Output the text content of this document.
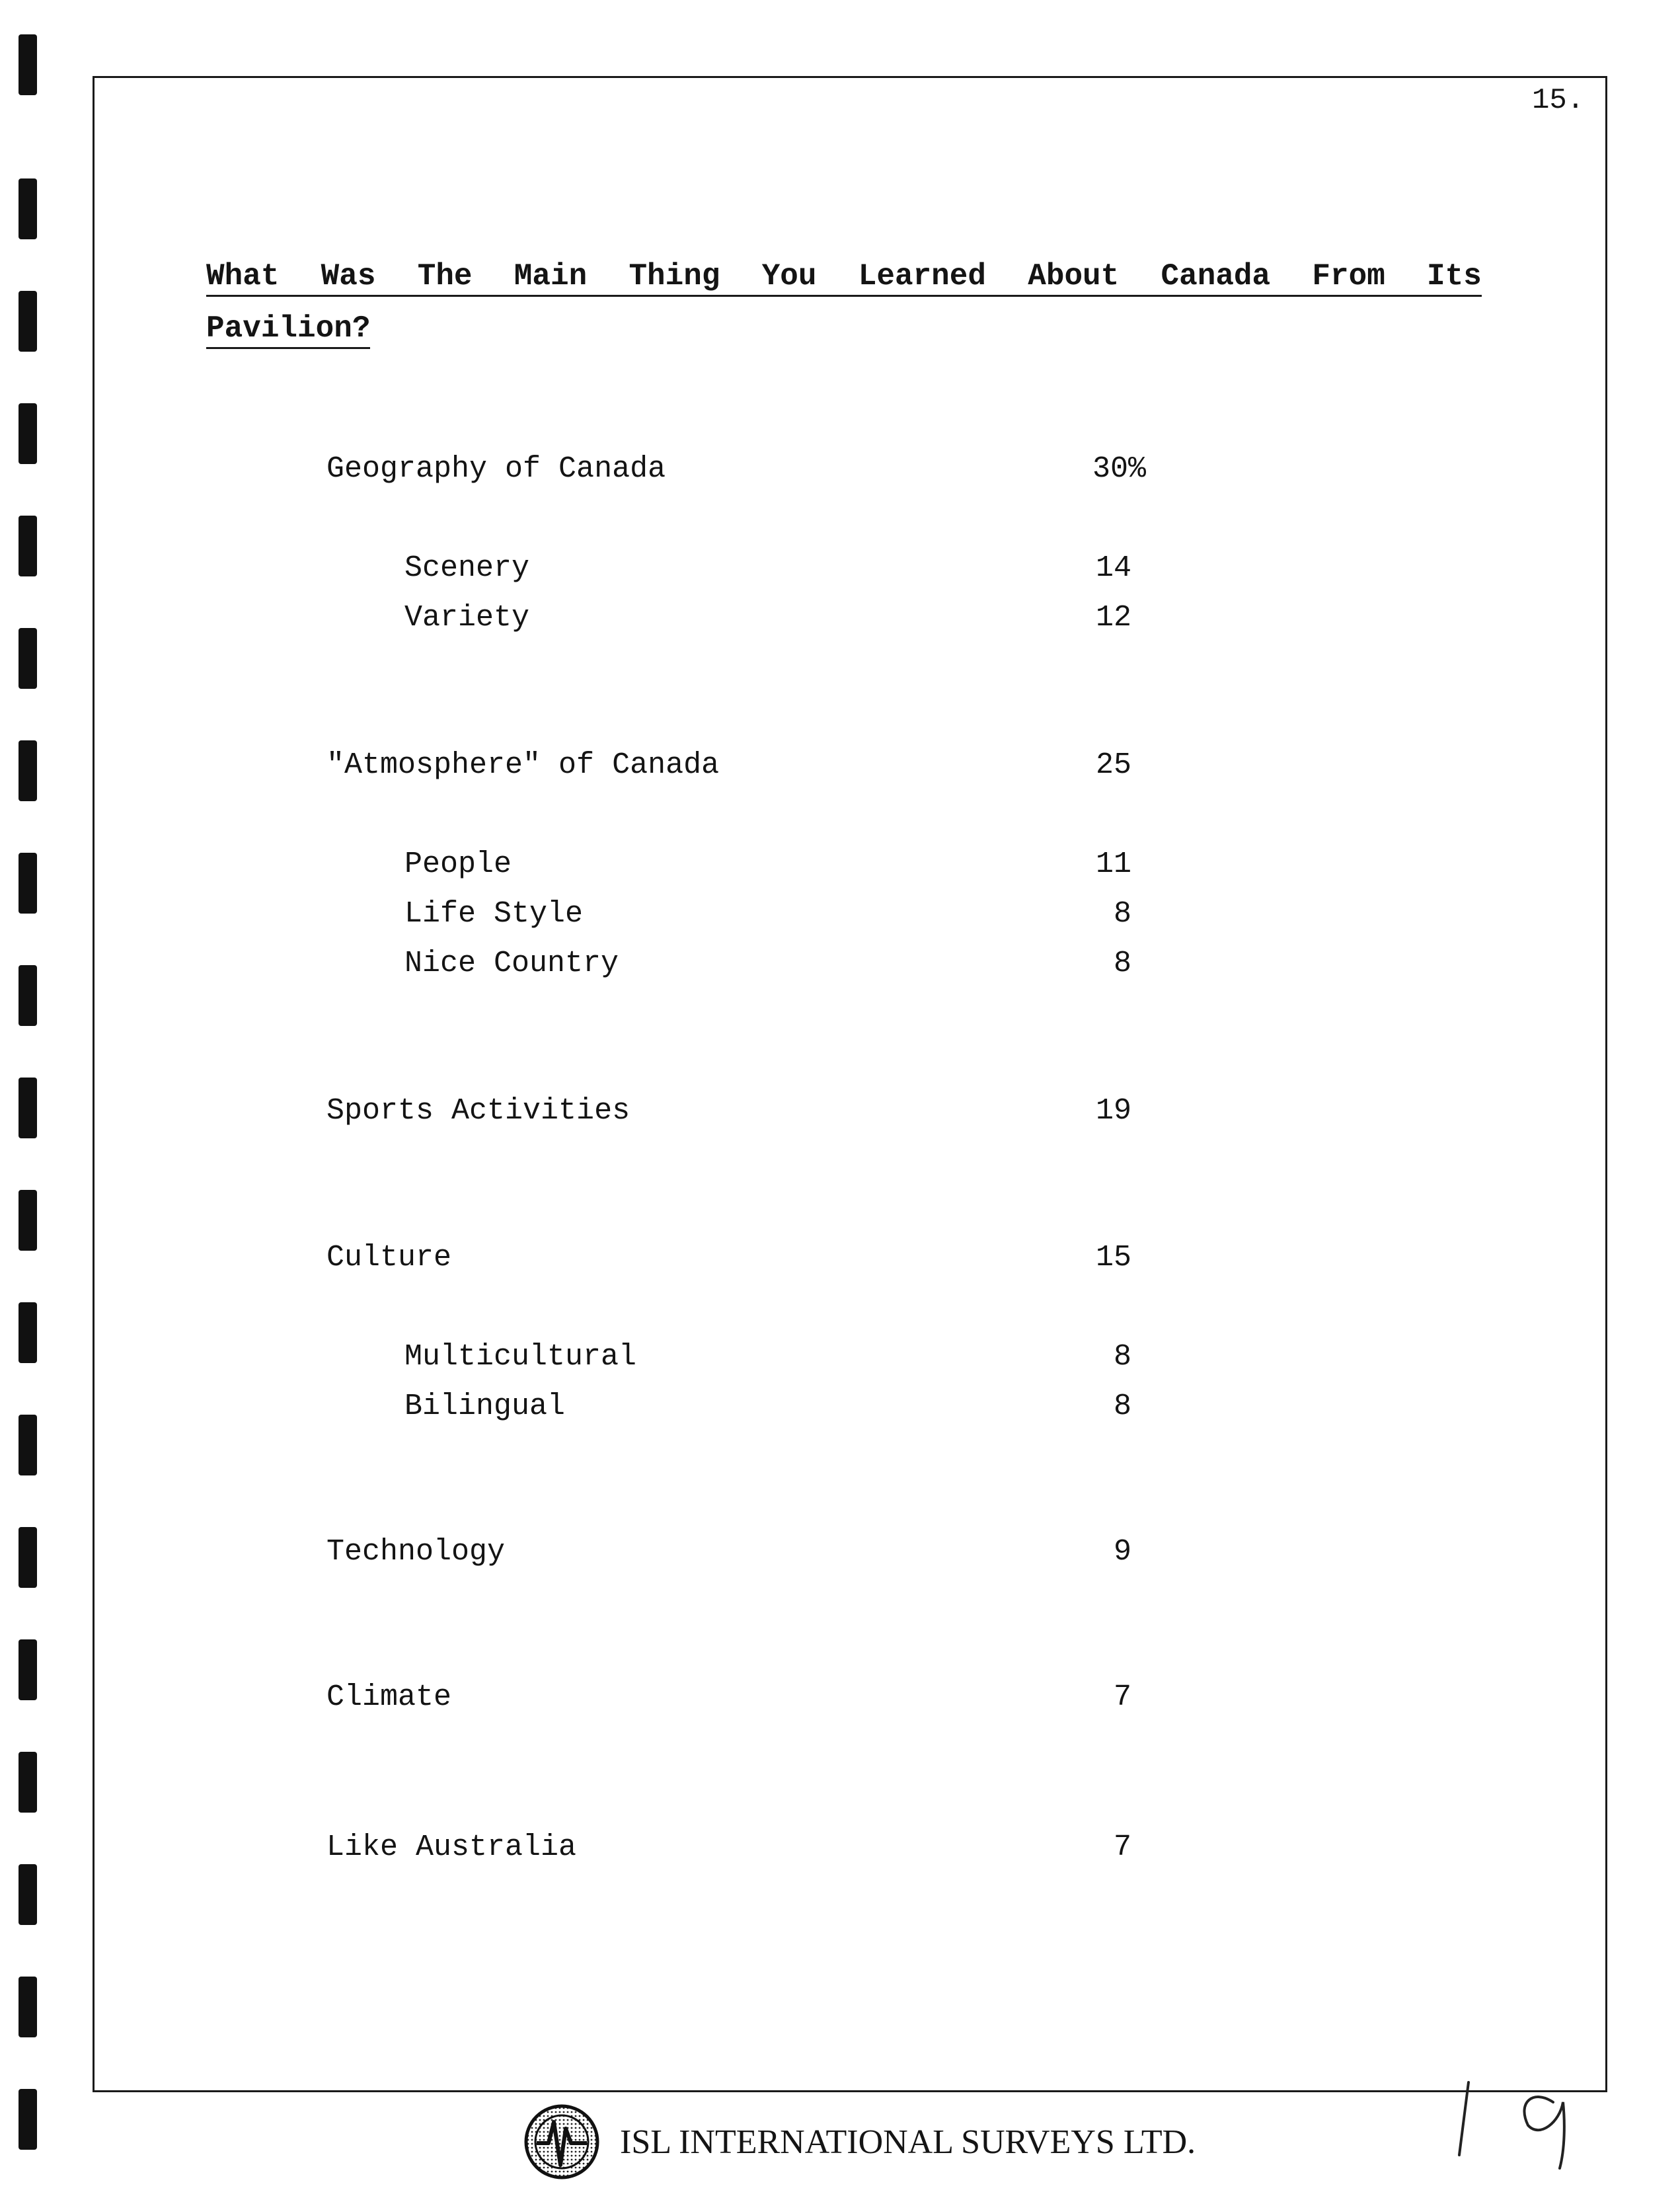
15.
What Was The Main Thing You Learned About Canada From Its
Pavilion?
Geography of Canada	30%
Scenery	14
Variety	12
"Atmosphere" of Canada	25
People	11
Life Style	8
Nice Country	8
Sports Activities	19
Culture	15
Multicultural	8
Bilingual	8
Technology	9
Climate	7
Like Australia	7
ISL INTERNATIONAL SURVEYS LTD.
